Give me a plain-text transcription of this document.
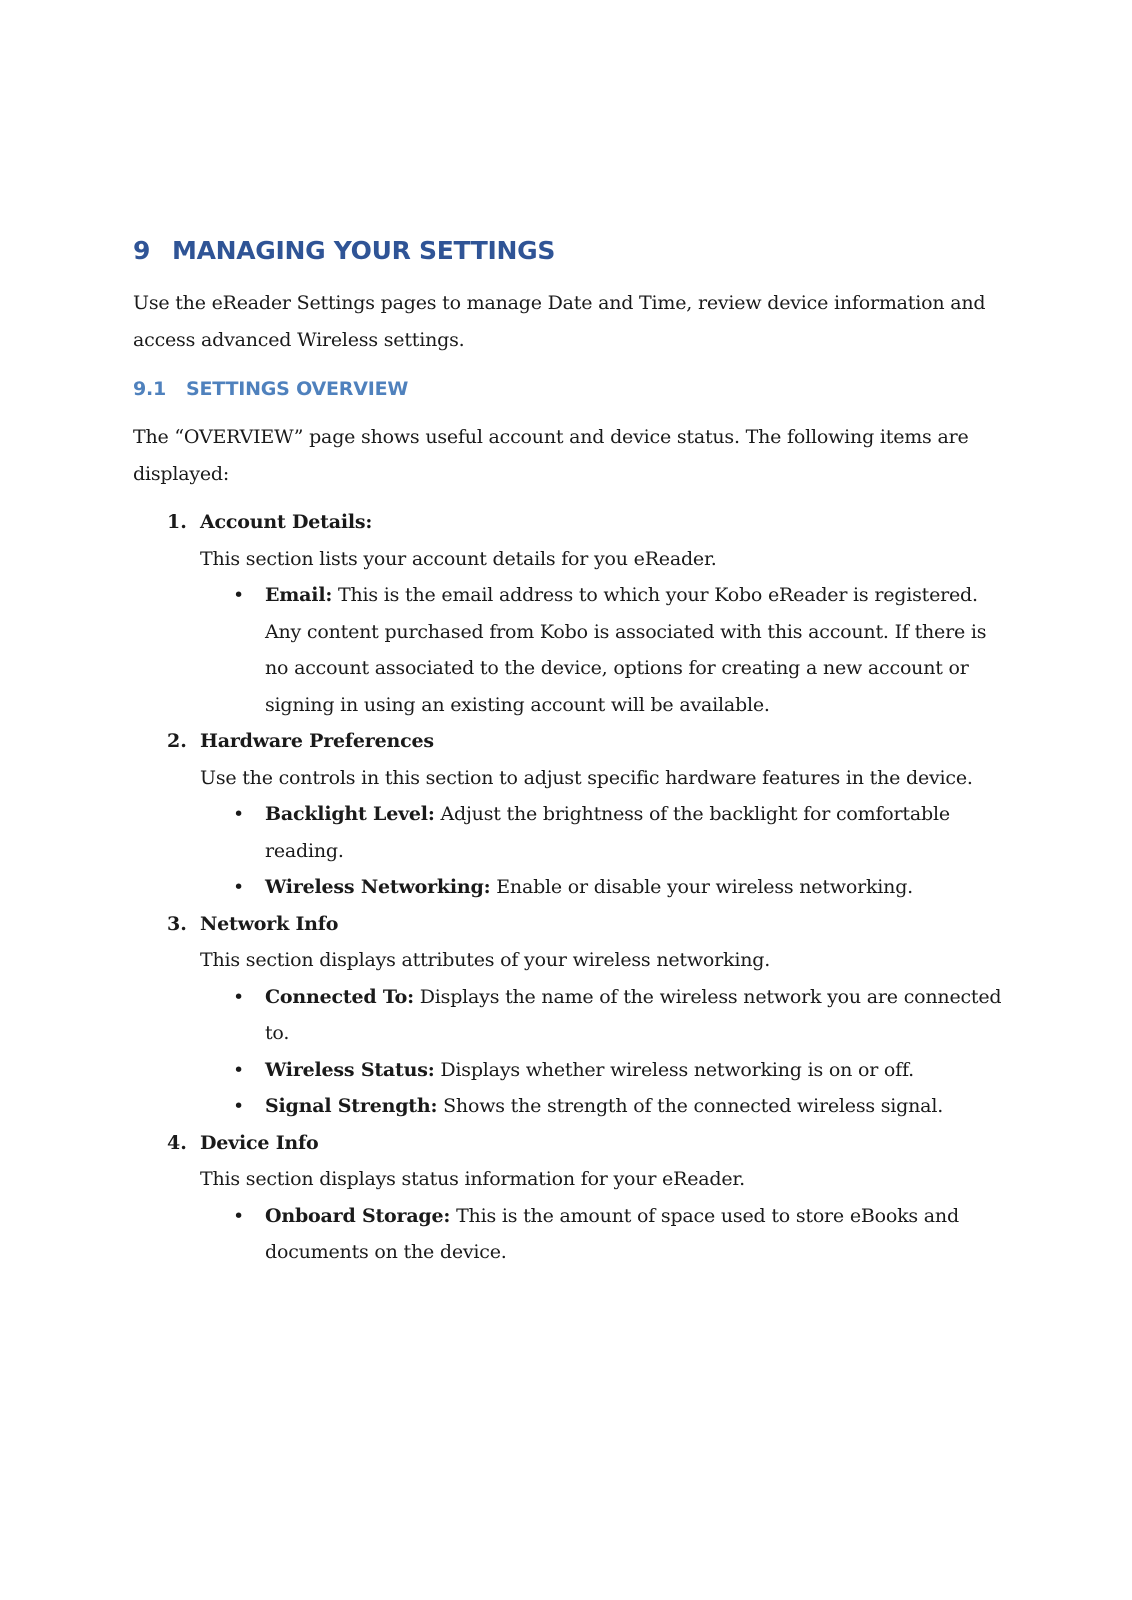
9 MANAGING YOUR SETTINGS

Use the eReader Settings pages to manage Date and Time, review device information and access advanced Wireless settings.

9.1 SETTINGS OVERVIEW

The “OVERVIEW” page shows useful account and device status. The following items are displayed:

1. Account Details:
This section lists your account details for you eReader.
• Email: This is the email address to which your Kobo eReader is registered. Any content purchased from Kobo is associated with this account. If there is no account associated to the device, options for creating a new account or signing in using an existing account will be available.
2. Hardware Preferences
Use the controls in this section to adjust specific hardware features in the device.
• Backlight Level: Adjust the brightness of the backlight for comfortable reading.
• Wireless Networking: Enable or disable your wireless networking.
3. Network Info
This section displays attributes of your wireless networking.
• Connected To: Displays the name of the wireless network you are connected to.
• Wireless Status: Displays whether wireless networking is on or off.
• Signal Strength: Shows the strength of the connected wireless signal.
4. Device Info
This section displays status information for your eReader.
• Onboard Storage: This is the amount of space used to store eBooks and documents on the device.
